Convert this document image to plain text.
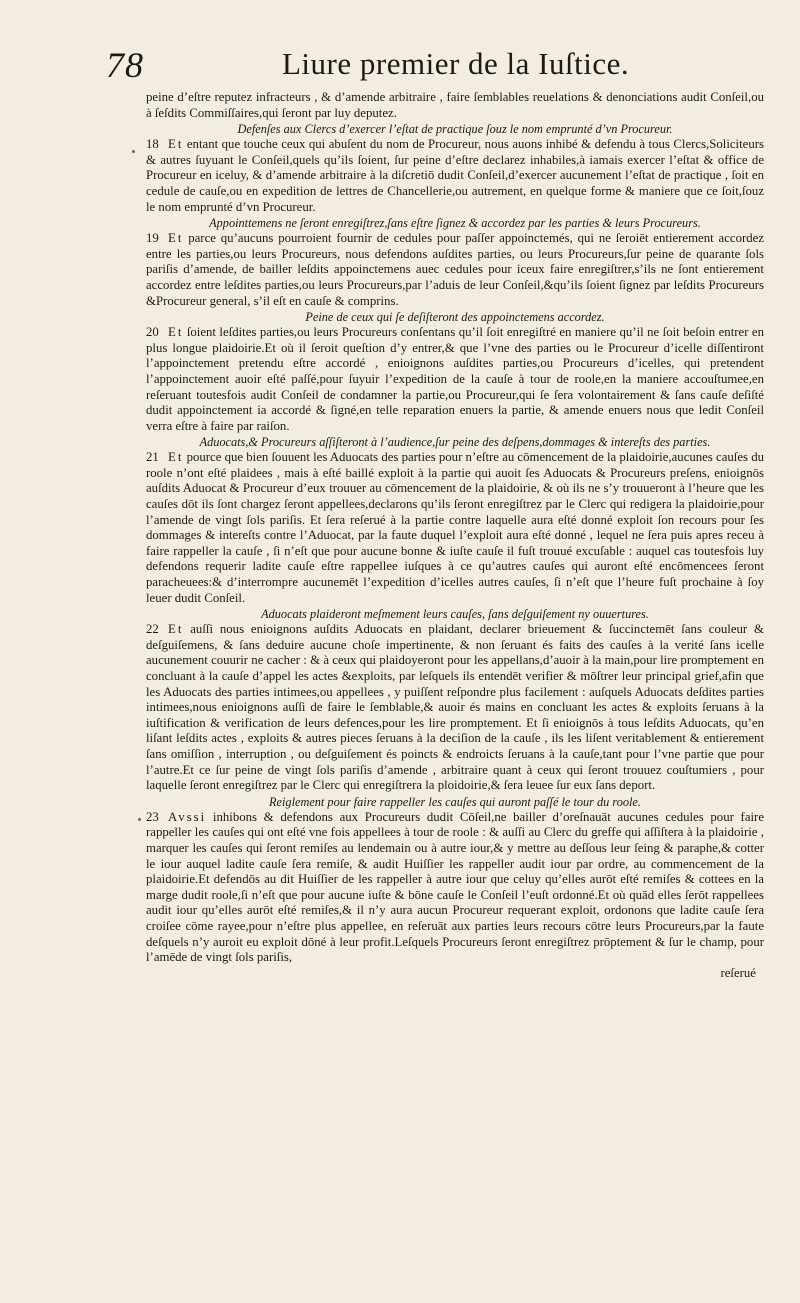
78	Liure premier de la Iuſtice.

peine d’eſtre reputez infracteurs , & d’amende arbitraire , faire ſemblables reuelations & denonciations audit Conſeil,ou à ſeſdits Commiſſaires,qui ſeront par luy deputez.

Defenſes aux Clercs d’exercer l’eſtat de practique ſouz le nom emprunté d’vn Procureur.

18 Et entant que touche ceux qui abuſent du nom de Procureur, nous auons inhibé & defendu à tous Clercs,Soliciteurs & autres ſuyuant le Conſeil,quels qu’ils ſoient, ſur peine d’eſtre declarez inhabiles,à iamais exercer l’eſtat & office de Procureur en iceluy, & d’amende arbitraire à la diſcretiō dudit Conſeil,d’exercer aucunement l’eſtat de practique , ſoit en cedule de cauſe,ou en expedition de lettres de Chancellerie,ou autrement, en quelque forme & maniere que ce ſoit,ſouz le nom emprunté d’vn Procureur.

Appointtemens ne ſeront enregiſtrez,ſans eſtre ſignez & accordez par les parties & leurs Procureurs.

19 Et parce qu’aucuns pourroient fournir de cedules pour paſſer appoinctemés, qui ne ſeroiēt entierement accordez entre les parties,ou leurs Procureurs, nous defendons auſdites parties, ou leurs Procureurs,ſur peine de quarante ſols pariſis d’amende, de bailler leſdits appoinctemens auec cedules pour iceux faire enregiſtrer,s’ils ne ſont entierement accordez entre leſdites parties,ou leurs Procureurs,par l’aduis de leur Conſeil,&qu’ils ſoient ſignez par leſdits Procureurs &Procureur general, s’il eſt en cauſe & comprins.

Peine de ceux qui ſe deſiſteront des appoinctemens accordez.

20 Et ſoient leſdites parties,ou leurs Procureurs conſentans qu’il ſoit enregiſtré en maniere qu’il ne ſoit beſoin entrer en plus longue plaidoirie.Et où il ſeroit queſtion d’y entrer,& que l’vne des parties ou le Procureur d’icelle diſſentiront l’appoinctement pretendu eſtre accordé , enioignons auſdites parties,ou Procureurs d’icelles, qui pretendent l’appoinctement auoir eſté paſſé,pour ſuyuir l’expedition de la cauſe à tour de roole,en la maniere accouſtumee,en reſeruant toutesfois audit Conſeil de condamner la partie,ou Procureur,qui ſe ſera volontairement & ſans cauſe deſiſté dudit appoinctement ia accordé & ſigné,en telle reparation enuers la partie, & amende enuers nous que ledit Conſeil verra eſtre à faire par raiſon.

Aduocats,& Procureurs aſſiſteront à l’audience,ſur peine des deſpens,dommages & intereſts des parties.

21 Et pource que bien ſouuent les Aduocats des parties pour n’eſtre au cōmencement de la plaidoirie,aucunes cauſes du roole n’ont eſté plaidees , mais à eſté baillé exploit à la partie qui auoit ſes Aduocats & Procureurs preſens, enioignōs auſdits Aduocat & Procureur d’eux trouuer au cōmencement de la plaidoirie, & où ils ne s’y trouueront à l’heure que les cauſes dōt ils ſont chargez ſeront appellees,declarons qu’ils ſeront enregiſtrez par le Clerc qui redigera la plaidoirie,pour l’amende de vingt ſols pariſis. Et ſera reſerué à la partie contre laquelle aura eſté donné exploit ſon recours pour ſes dommages & intereſts contre l’Aduocat, par la faute duquel l’exploit aura eſté donné , lequel ne ſera puis apres receu à faire rappeller la cauſe , ſi n’eſt que pour aucune bonne & iuſte cauſe il fuſt trouué excuſable : auquel cas toutesfois luy defendons requerir ladite cauſe eſtre rappellee iuſques à ce qu’autres cauſes qui auront eſté encōmencees ſeront paracheuees:& d’interrompre aucunemēt l’expedition d’icelles autres cauſes, ſi n’eſt que l’heure fuſt prochaine à ſoy leuer dudit Conſeil.

Aduocats plaideront meſmement leurs cauſes, ſans deſguiſement ny ouuertures.

22 Et auſſi nous enioignons auſdits Aduocats en plaidant, declarer brieuement & ſuccinctemēt ſans couleur & deſguiſemens, & ſans deduire aucune choſe impertinente, & non ſeruant és faits des cauſes à la verité ſans icelle aucunement couurir ne cacher : & à ceux qui plaidoyeront pour les appellans,d’auoir à la main,pour lire promptement en concluant à la cauſe d’appel les actes &exploits, par leſquels ils entendēt verifier & mōſtrer leur principal grief,afin que les Aduocats des parties intimees,ou appellees , y puiſſent reſpondre plus facilement : auſquels Aduocats deſdites parties intimees,nous enioignons auſſi de faire le ſemblable,& auoir és mains en concluant les actes & exploits ſeruans à la iuſtification & verification de leurs defences,pour les lire promptement. Et ſi enioignōs à tous leſdits Aduocats, qu’en liſant leſdits actes , exploits & autres pieces ſeruans à la deciſion de la cauſe , ils les liſent veritablement & entierement ſans omiſſion , interruption , ou deſguiſement és poincts & endroicts ſeruans à la cauſe,tant pour l’vne partie que pour l’autre.Et ce ſur peine de vingt ſols pariſis d’amende , arbitraire quant à ceux qui ſeront trouuez couſtumiers , pour laquelle ſeront enregiſtrez par le Clerc qui enregiſtrera la ploidoirie,& ſera leuee ſur eux ſans deport.

Reiglement pour faire rappeller les cauſes qui auront paſſé le tour du roole.

23 Avssi inhibons & defendons aux Procureurs dudit Cōſeil,ne bailler d’oreſnauāt aucunes cedules pour faire rappeller les cauſes qui ont eſté vne fois appellees à tour de roole : & auſſi au Clerc du greffe qui aſſiſtera à la plaidoirie , marquer les cauſes qui ſeront remiſes au lendemain ou à autre iour,& y mettre au deſſous leur ſeing & paraphe,& cotter le iour auquel ladite cauſe ſera remiſe, & audit Huiſſier les rappeller audit iour par ordre, au commencement de la plaidoirie.Et defendōs au dit Huiſſier de les rappeller à autre iour que celuy qu’elles aurōt eſté remiſes & cottees en la marge dudit roole,ſi n’eſt que pour aucune iuſte & bōne cauſe le Conſeil l’euſt ordonné.Et où quād elles ſerōt rappellees audit iour qu’elles aurōt eſté remiſes,& il n’y aura aucun Procureur requerant exploit, ordonons que ladite cauſe ſera croiſee cōme rayee,pour n’eſtre plus appellee, en reſeruāt aux parties leurs recours cōtre leurs Procureurs,par la faute deſquels n’y auroit eu exploit dōné à leur profit.Leſquels Procureurs ſeront enregiſtrez prōptement & ſur le champ, pour l’amēde de vingt ſols pariſis,

reſerué
